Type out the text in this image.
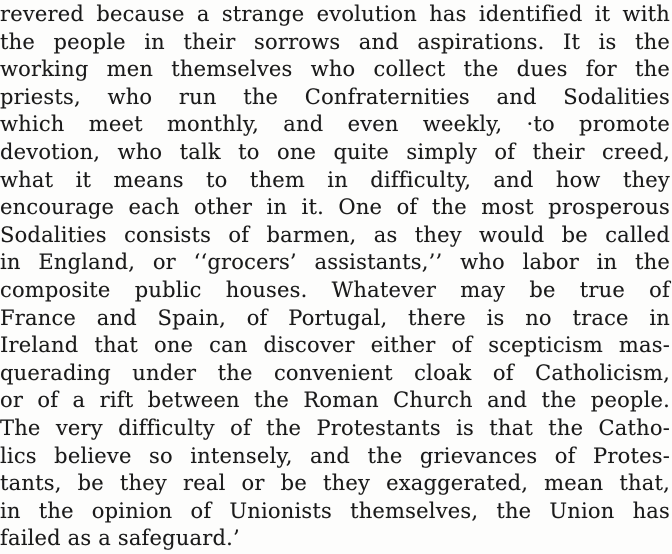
revered because a strange evolution has identified it with
the people in their sorrows and aspirations. It is the
working men themselves who collect the dues for the
priests, who run the Confraternities and Sodalities
which meet monthly, and even weekly, ·to promote
devotion, who talk to one quite simply of their creed,
what it means to them in difficulty, and how they
encourage each other in it. One of the most prosperous
Sodalities consists of barmen, as they would be called
in England, or ‘‘grocers’ assistants,’’ who labor in the
composite public houses. Whatever may be true of
France and Spain, of Portugal, there is no trace in
Ireland that one can discover either of scepticism mas-
querading under the convenient cloak of Catholicism,
or of a rift between the Roman Church and the people.
The very difficulty of the Protestants is that the Catho-
lics believe so intensely, and the grievances of Protes-
tants, be they real or be they exaggerated, mean that,
in the opinion of Unionists themselves, the Union has
failed as a safeguard.’
